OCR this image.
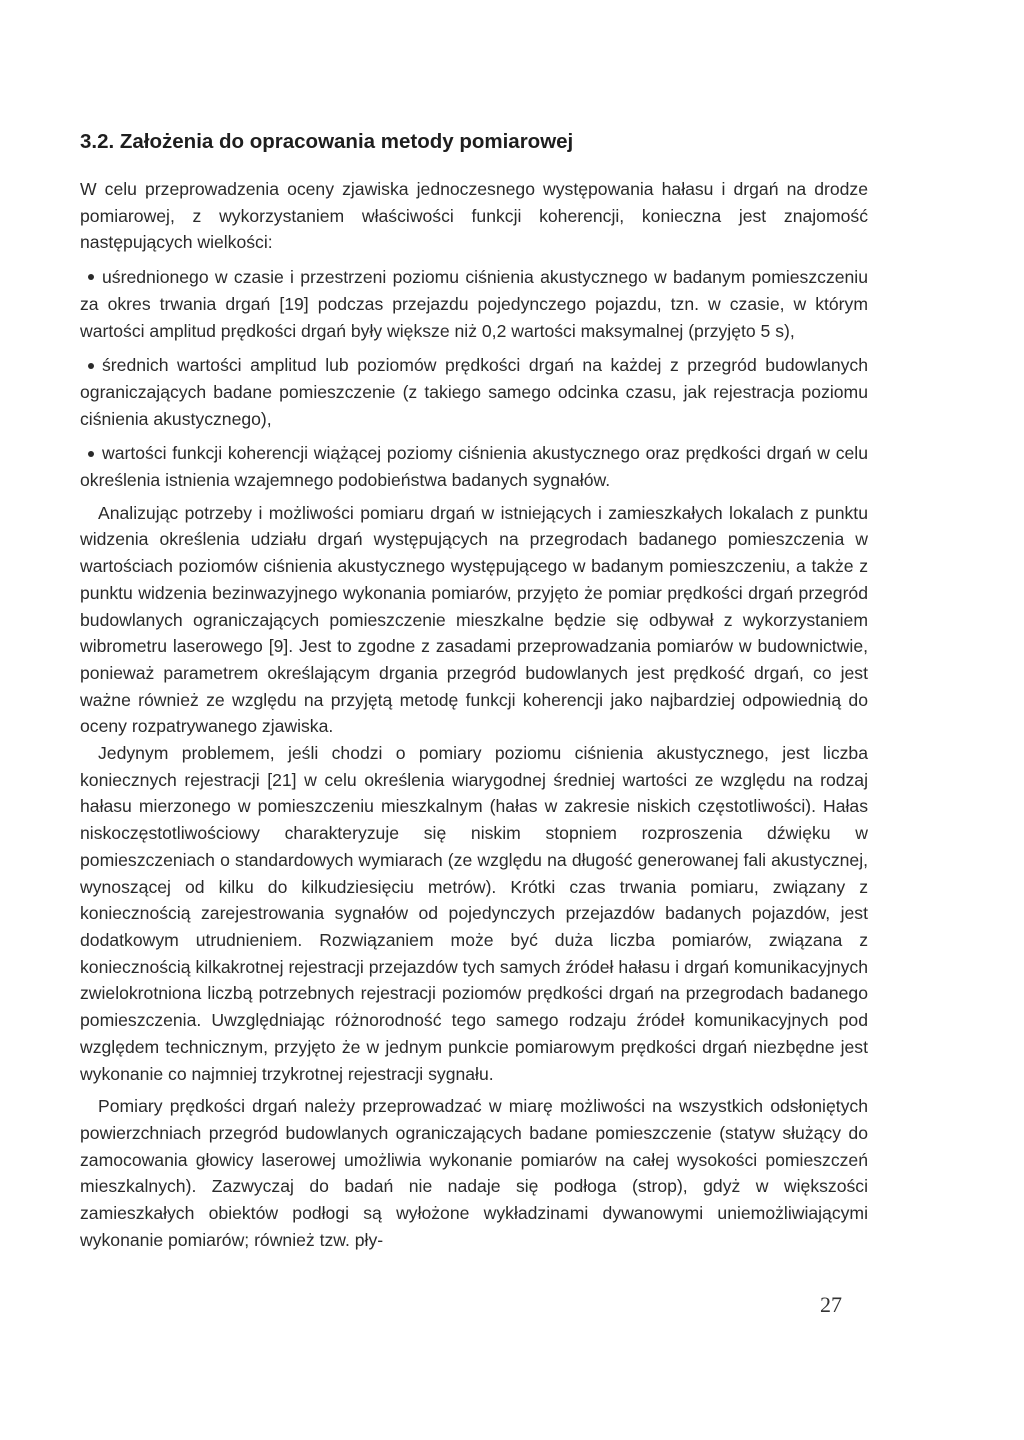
3.2. Założenia do opracowania metody pomiarowej

W celu przeprowadzenia oceny zjawiska jednoczesnego występowania hałasu i drgań na drodze pomiarowej, z wykorzystaniem właściwości funkcji koherencji, konieczna jest znajomość następujących wielkości:

uśrednionego w czasie i przestrzeni poziomu ciśnienia akustycznego w badanym pomieszczeniu za okres trwania drgań [19] podczas przejazdu pojedynczego pojazdu, tzn. w czasie, w którym wartości amplitud prędkości drgań były większe niż 0,2 wartości maksymalnej (przyjęto 5 s),
średnich wartości amplitud lub poziomów prędkości drgań na każdej z przegród budowlanych ograniczających badane pomieszczenie (z takiego samego odcinka czasu, jak rejestracja poziomu ciśnienia akustycznego),
wartości funkcji koherencji wiążącej poziomy ciśnienia akustycznego oraz prędkości drgań w celu określenia istnienia wzajemnego podobieństwa badanych sygnałów.

Analizując potrzeby i możliwości pomiaru drgań w istniejących i zamieszkałych lokalach z punktu widzenia określenia udziału drgań występujących na przegrodach badanego pomieszczenia w wartościach poziomów ciśnienia akustycznego występującego w badanym pomieszczeniu, a także z punktu widzenia bezinwazyjnego wykonania pomiarów, przyjęto że pomiar prędkości drgań przegród budowlanych ograniczających pomieszczenie mieszkalne będzie się odbywał z wykorzystaniem wibrometru laserowego [9]. Jest to zgodne z zasadami przeprowadzania pomiarów w budownictwie, ponieważ parametrem określającym drgania przegród budowlanych jest prędkość drgań, co jest ważne również ze względu na przyjętą metodę funkcji koherencji jako najbardziej odpowiednią do oceny rozpatrywanego zjawiska.

Jedynym problemem, jeśli chodzi o pomiary poziomu ciśnienia akustycznego, jest liczba koniecznych rejestracji [21] w celu określenia wiarygodnej średniej wartości ze względu na rodzaj hałasu mierzonego w pomieszczeniu mieszkalnym (hałas w zakresie niskich częstotliwości). Hałas niskoczęstotliwościowy charakteryzuje się niskim stopniem rozproszenia dźwięku w pomieszczeniach o standardowych wymiarach (ze względu na długość generowanej fali akustycznej, wynoszącej od kilku do kilkudziesięciu metrów). Krótki czas trwania pomiaru, związany z koniecznością zarejestrowania sygnałów od pojedynczych przejazdów badanych pojazdów, jest dodatkowym utrudnieniem. Rozwiązaniem może być duża liczba pomiarów, związana z koniecznością kilkakrotnej rejestracji przejazdów tych samych źródeł hałasu i drgań komunikacyjnych zwielokrotniona liczbą potrzebnych rejestracji poziomów prędkości drgań na przegrodach badanego pomieszczenia. Uwzględniając różnorodność tego samego rodzaju źródeł komunikacyjnych pod względem technicznym, przyjęto że w jednym punkcie pomiarowym prędkości drgań niezbędne jest wykonanie co najmniej trzykrotnej rejestracji sygnału.

Pomiary prędkości drgań należy przeprowadzać w miarę możliwości na wszystkich odsłoniętych powierzchniach przegród budowlanych ograniczających badane pomieszczenie (statyw służący do zamocowania głowicy laserowej umożliwia wykonanie pomiarów na całej wysokości pomieszczeń mieszkalnych). Zazwyczaj do badań nie nadaje się podłoga (strop), gdyż w większości zamieszkałych obiektów podłogi są wyłożone wykładzinami dywanowymi uniemożliwiającymi wykonanie pomiarów; również tzw. pły-

27
